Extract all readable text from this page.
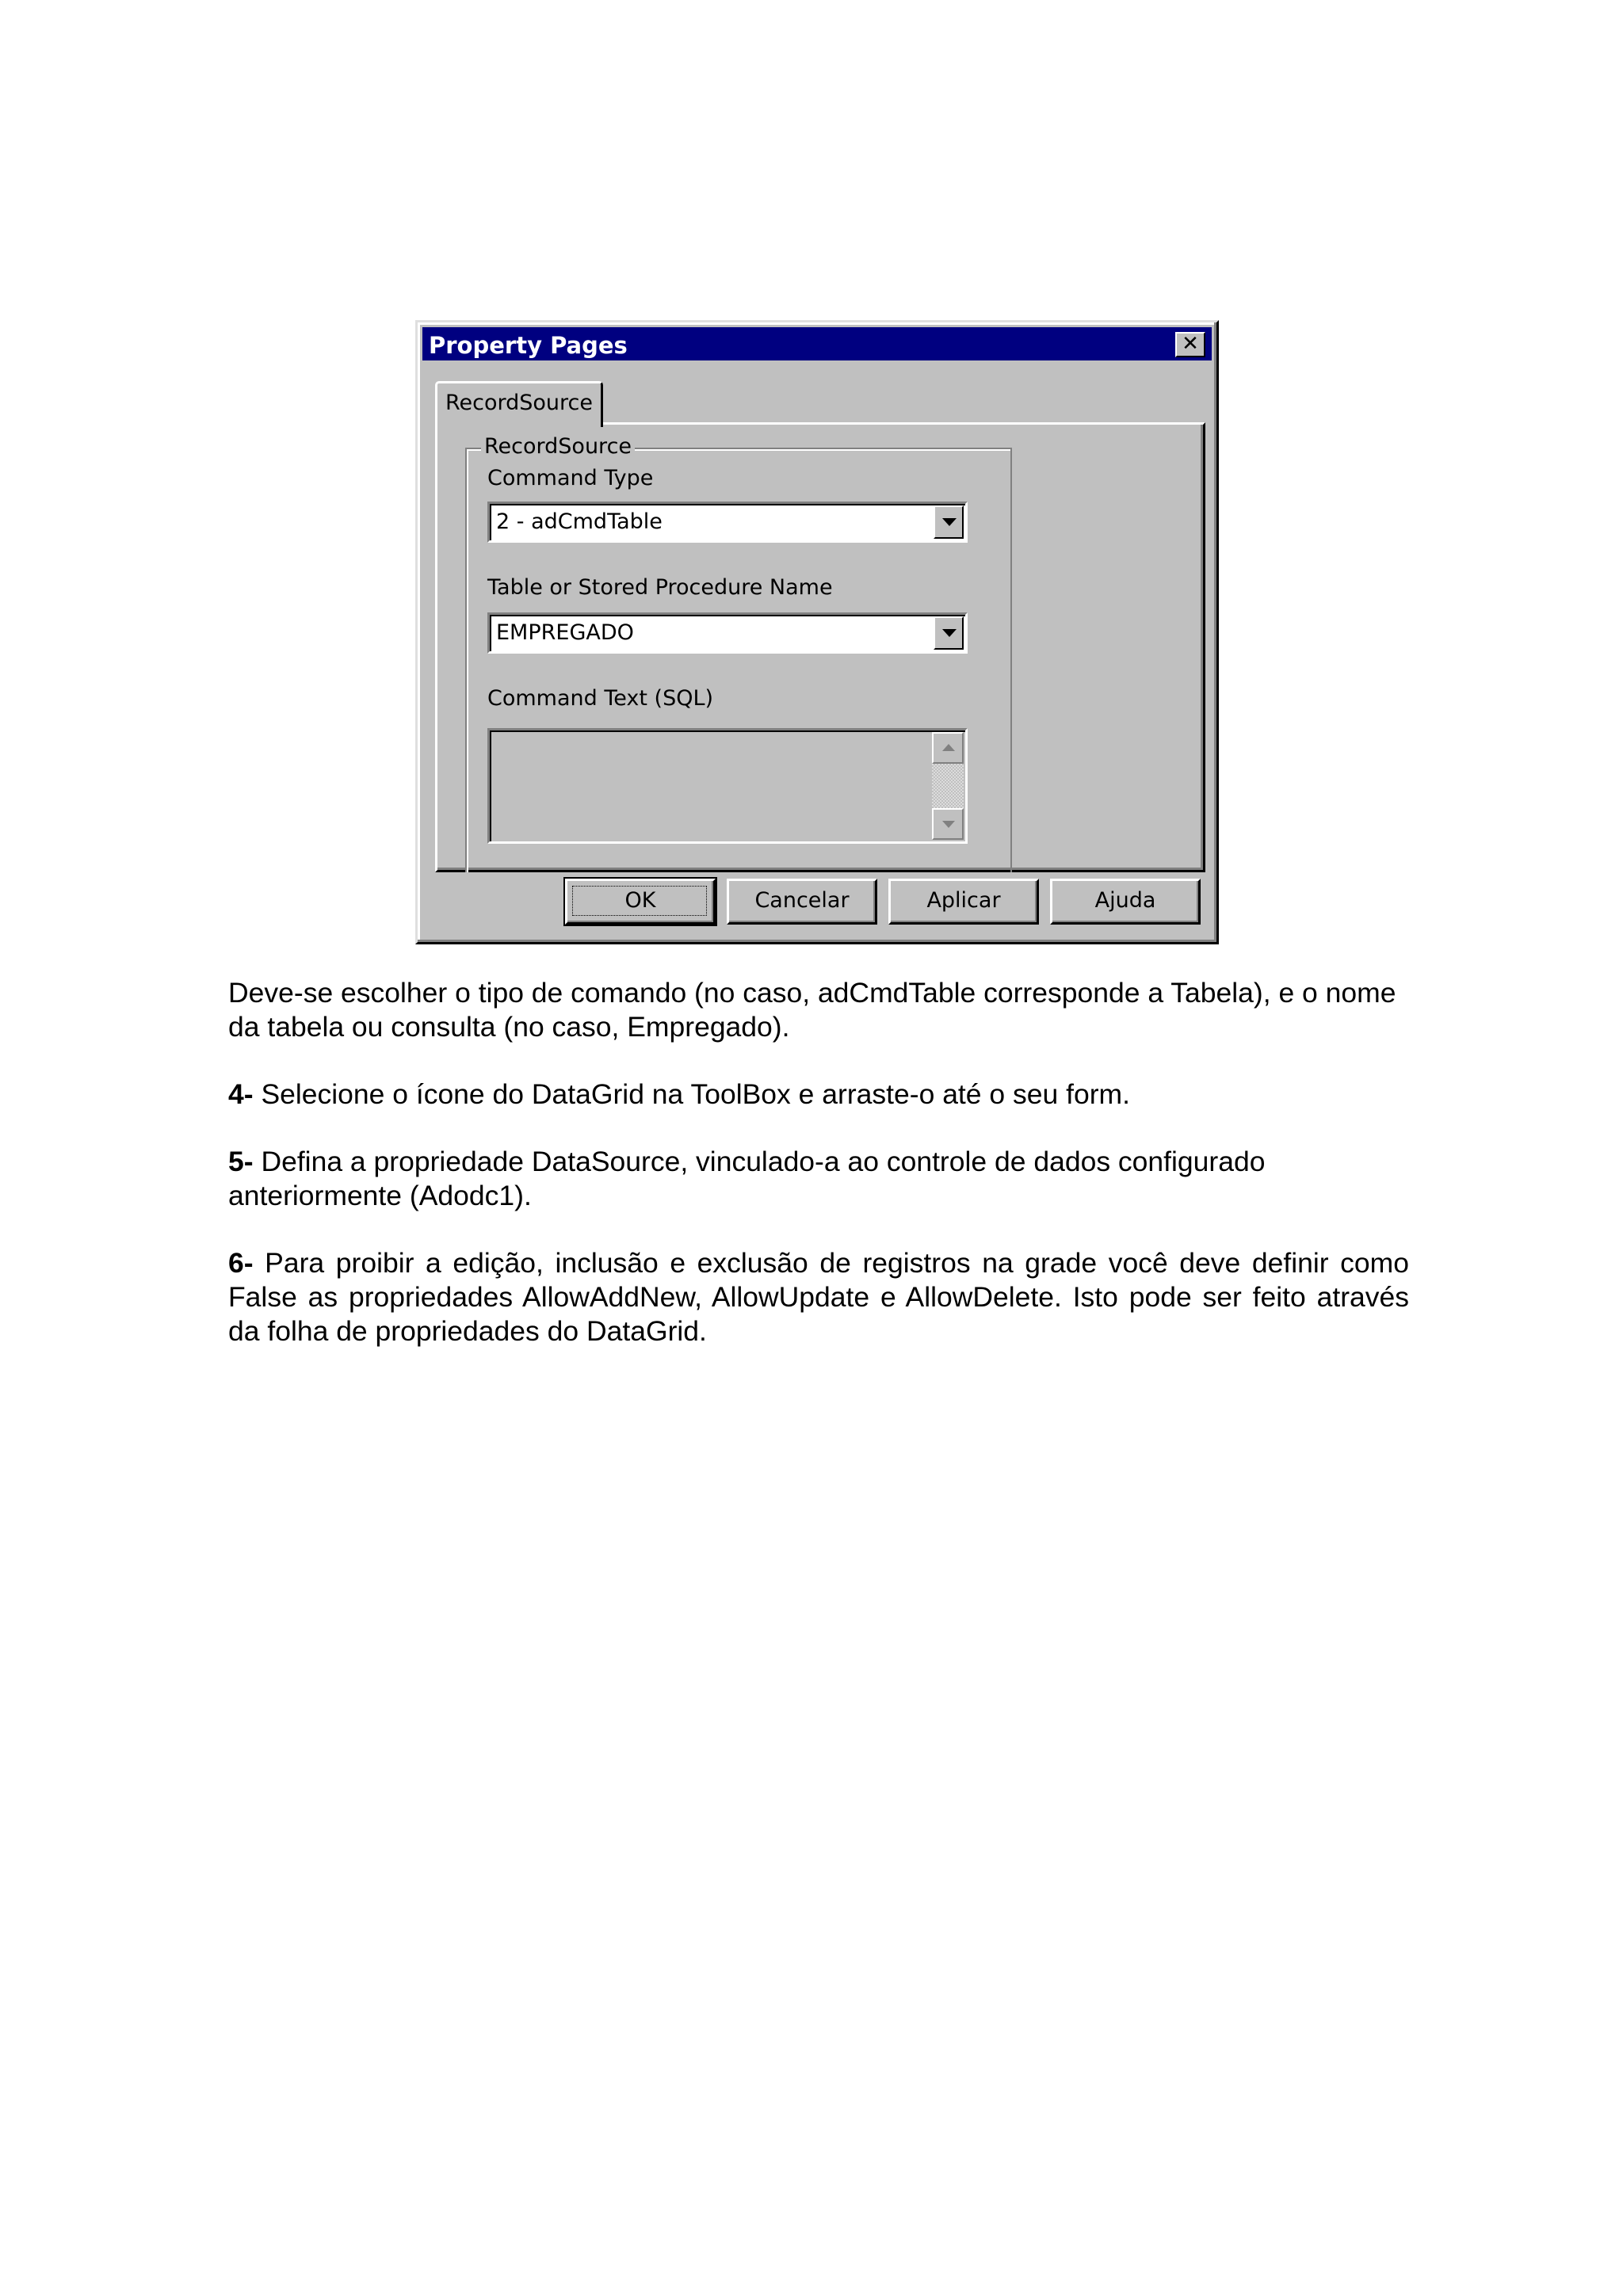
Property Pages	✕
RecordSource
RecordSource
Command Type
2 - adCmdTable
Table or Stored Procedure Name
EMPREGADO
Command Text (SQL)
OK	Cancelar	Aplicar	Ajuda

Deve-se escolher o tipo de comando (no caso, adCmdTable corresponde a Tabela), e o nome da tabela ou consulta (no caso, Empregado).

4- Selecione o ícone do DataGrid na ToolBox e arraste-o até o seu form.

5- Defina a propriedade DataSource, vinculado-a ao controle de dados configurado anteriormente (Adodc1).

6- Para proibir a edição, inclusão e exclusão de registros na grade você deve definir como False as propriedades AllowAddNew, AllowUpdate e AllowDelete. Isto pode ser feito através da folha de propriedades do DataGrid.
